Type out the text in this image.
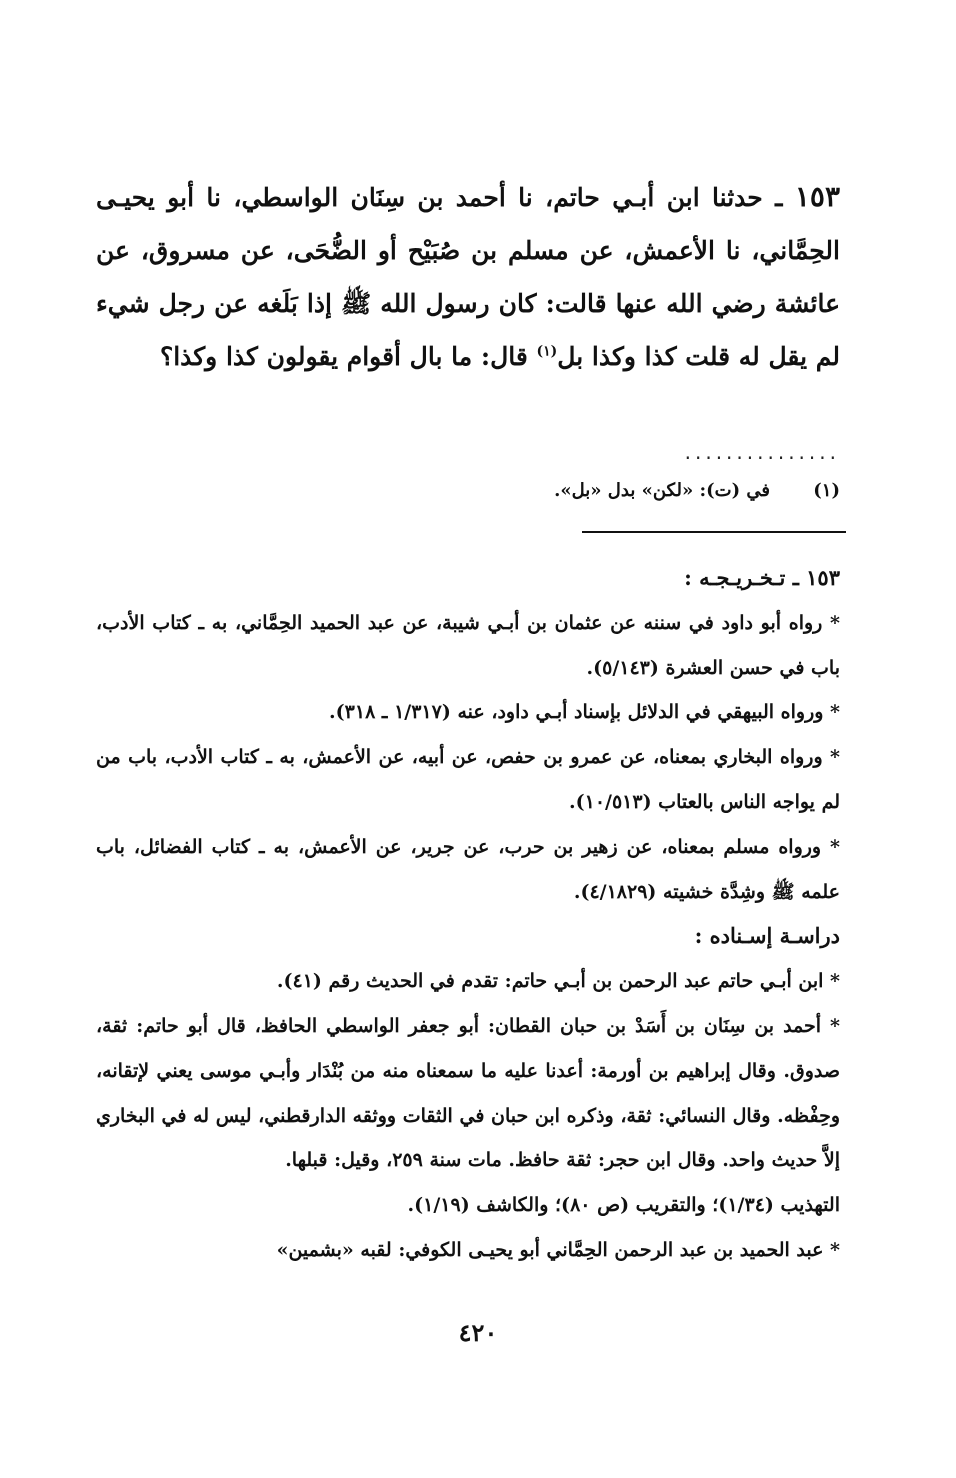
١٥٣ ـ حدثنا ابن أبـي حاتم، نا أحمد بن سِنَان الواسطي، نا أبو يحيـى الحِمَّاني، نا الأعمش، عن مسلم بن صُبَيْح أو الضُّحَى، عن مسروق، عن عائشة رضي الله عنها قالت: كان رسول الله ﷺ إذا بَلَغه عن رجل شيء لم يقل له قلت كذا وكذا بل$^{(١)}$ قال: ما بال أقوام يقولون كذا وكذا؟
...............
(١)في (ت): «لكن» بدل «بل».

١٥٣ ـ تـخـريـجـه :

* رواه أبو داود في سننه عن عثمان بن أبـي شيبة، عن عبد الحميد الحِمَّاني، به ـ كتاب الأدب، باب في حسن العشرة (٥/١٤٣).

* ورواه البيهقي في الدلائل بإسناد أبـي داود، عنه (١/٣١٧ ـ ٣١٨).

* ورواه البخاري بمعناه، عن عمرو بن حفص، عن أبيه، عن الأعمش، به ـ كتاب الأدب، باب من لم يواجه الناس بالعتاب (١٠/٥١٣).

* ورواه مسلم بمعناه، عن زهير بن حرب، عن جرير، عن الأعمش، به ـ كتاب الفضائل، باب علمه ﷺ وشِدَّة خشيته (٤/١٨٢٩).

دراسـة إسـناده :

* ابن أبـي حاتم عبد الرحمن بن أبـي حاتم: تقدم في الحديث رقم (٤١).

* أحمد بن سِنَان بن أَسَدْ بن حبان القطان: أبو جعفر الواسطي الحافظ، قال أبو حاتم: ثقة، صدوق. وقال إبراهيم بن أورمة: أعدنا عليه ما سمعناه منه من بُنْدَار وأبـي موسى يعني لإتقانه، وحِفْظه. وقال النسائي: ثقة، وذكره ابن حبان في الثقات ووثقه الدارقطني، ليس له في البخاري إلاَّ حديث واحد. وقال ابن حجر: ثقة حافظ. مات سنة ٢٥٩، وقيل: قبلها.

التهذيب (١/٣٤)؛ والتقريب (ص ٨٠)؛ والكاشف (١/١٩).

* عبد الحميد بن عبد الرحمن الحِمَّاني أبو يحيـى الكوفي: لقبه «بشمين»

٤٢٠
